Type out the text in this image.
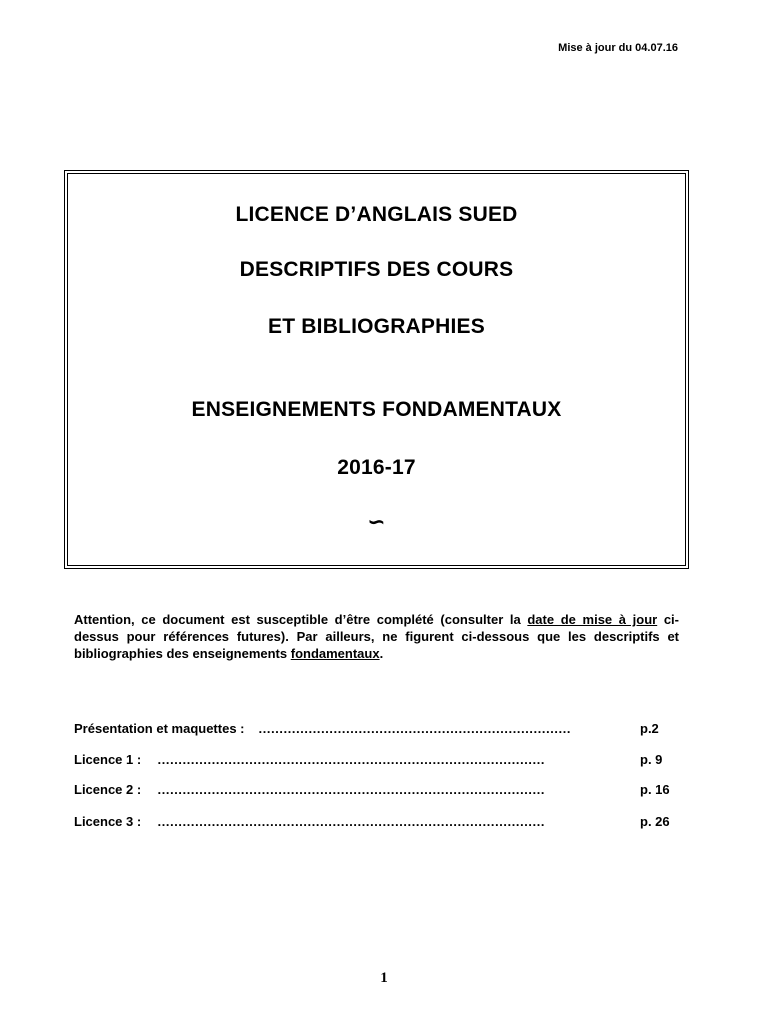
Mise à jour du 04.07.16
LICENCE D’ANGLAIS SUED
DESCRIPTIFS DES COURS
ET BIBLIOGRAPHIES
ENSEIGNEMENTS FONDAMENTAUX
2016-17
∽
Attention, ce document est susceptible d’être complété (consulter la date de mise à jour ci-dessus pour références futures). Par ailleurs, ne figurent ci-dessous que les descriptifs et bibliographies des enseignements fondamentaux.
Présentation et maquettes : …………………………………………………………………	p.2
Licence 1 : …………………………………………………………………………………	p. 9
Licence 2 : …………………………………………………………………………………	p. 16
Licence 3 : …………………………………………………………………………………	p. 26
1
